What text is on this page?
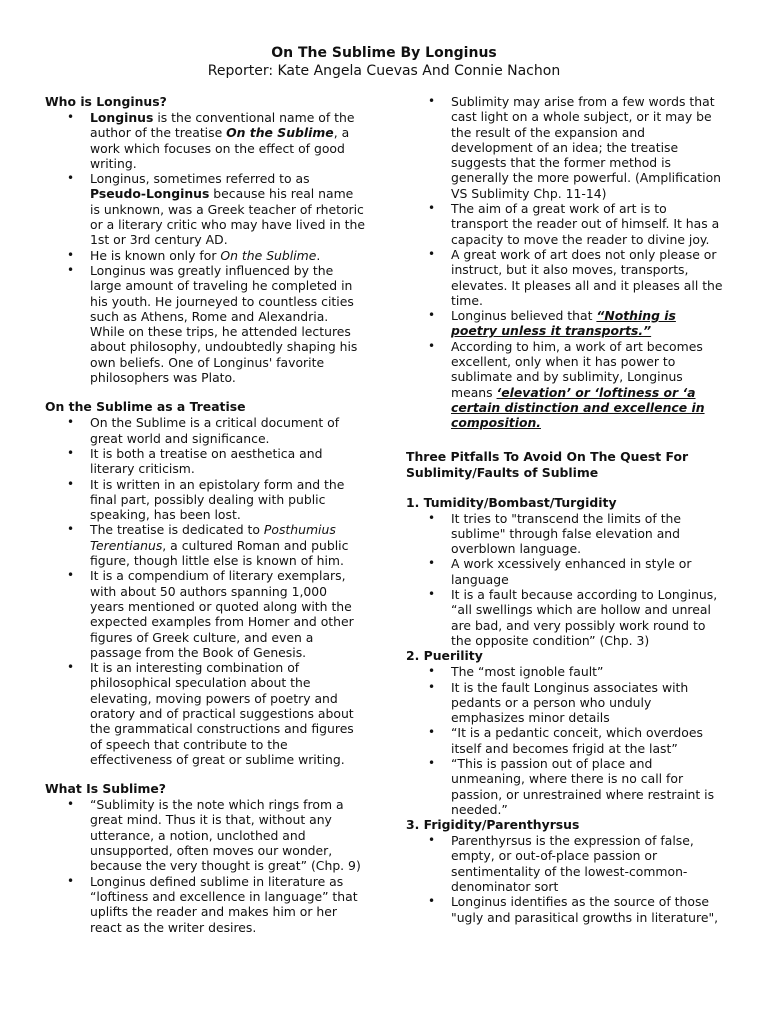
On The Sublime By Longinus
Reporter: Kate Angela Cuevas And Connie Nachon
Who is Longinus?
• Longinus is the conventional name of the author of the treatise On the Sublime, a work which focuses on the effect of good writing.
• Longinus, sometimes referred to as Pseudo-Longinus because his real name is unknown, was a Greek teacher of rhetoric or a literary critic who may have lived in the 1st or 3rd century AD.
• He is known only for On the Sublime.
• Longinus was greatly influenced by the large amount of traveling he completed in his youth. He journeyed to countless cities such as Athens, Rome and Alexandria. While on these trips, he attended lectures about philosophy, undoubtedly shaping his own beliefs. One of Longinus' favorite philosophers was Plato.
On the Sublime as a Treatise
• On the Sublime is a critical document of great world and significance.
• It is both a treatise on aesthetica and literary criticism.
• It is written in an epistolary form and the final part, possibly dealing with public speaking, has been lost.
• The treatise is dedicated to Posthumius Terentianus, a cultured Roman and public figure, though little else is known of him.
• It is a compendium of literary exemplars, with about 50 authors spanning 1,000 years mentioned or quoted along with the expected examples from Homer and other figures of Greek culture, and even a passage from the Book of Genesis.
• It is an interesting combination of philosophical speculation about the elevating, moving powers of poetry and oratory and of practical suggestions about the grammatical constructions and figures of speech that contribute to the effectiveness of great or sublime writing.
What Is Sublime?
• “Sublimity is the note which rings from a great mind. Thus it is that, without any utterance, a notion, unclothed and unsupported, often moves our wonder, because the very thought is great” (Chp. 9)
• Longinus defined sublime in literature as “loftiness and excellence in language” that uplifts the reader and makes him or her react as the writer desires.
• Sublimity may arise from a few words that cast light on a whole subject, or it may be the result of the expansion and development of an idea; the treatise suggests that the former method is generally the more powerful. (Amplification VS Sublimity Chp. 11-14)
• The aim of a great work of art is to transport the reader out of himself. It has a capacity to move the reader to divine joy.
• A great work of art does not only please or instruct, but it also moves, transports, elevates. It pleases all and it pleases all the time.
• Longinus believed that “Nothing is poetry unless it transports.”
• According to him, a work of art becomes excellent, only when it has power to sublimate and by sublimity, Longinus means ‘elevation’ or ‘loftiness or ‘a certain distinction and excellence in composition.
Three Pitfalls To Avoid On The Quest For Sublimity/Faults of Sublime
1. Tumidity/Bombast/Turgidity
• It tries to "transcend the limits of the sublime" through false elevation and overblown language.
• A work xcessively enhanced in style or language
• It is a fault because according to Longinus, “all swellings which are hollow and unreal are bad, and very possibly work round to the opposite condition” (Chp. 3)
2. Puerility
• The “most ignoble fault”
• It is the fault Longinus associates with pedants or a person who unduly emphasizes minor details
• “It is a pedantic conceit, which overdoes itself and becomes frigid at the last”
• “This is passion out of place and unmeaning, where there is no call for passion, or unrestrained where restraint is needed.”
3. Frigidity/Parenthyrsus
• Parenthyrsus is the expression of false, empty, or out-of-place passion or sentimentality of the lowest-common-denominator sort
• Longinus identifies as the source of those "ugly and parasitical growths in literature",
